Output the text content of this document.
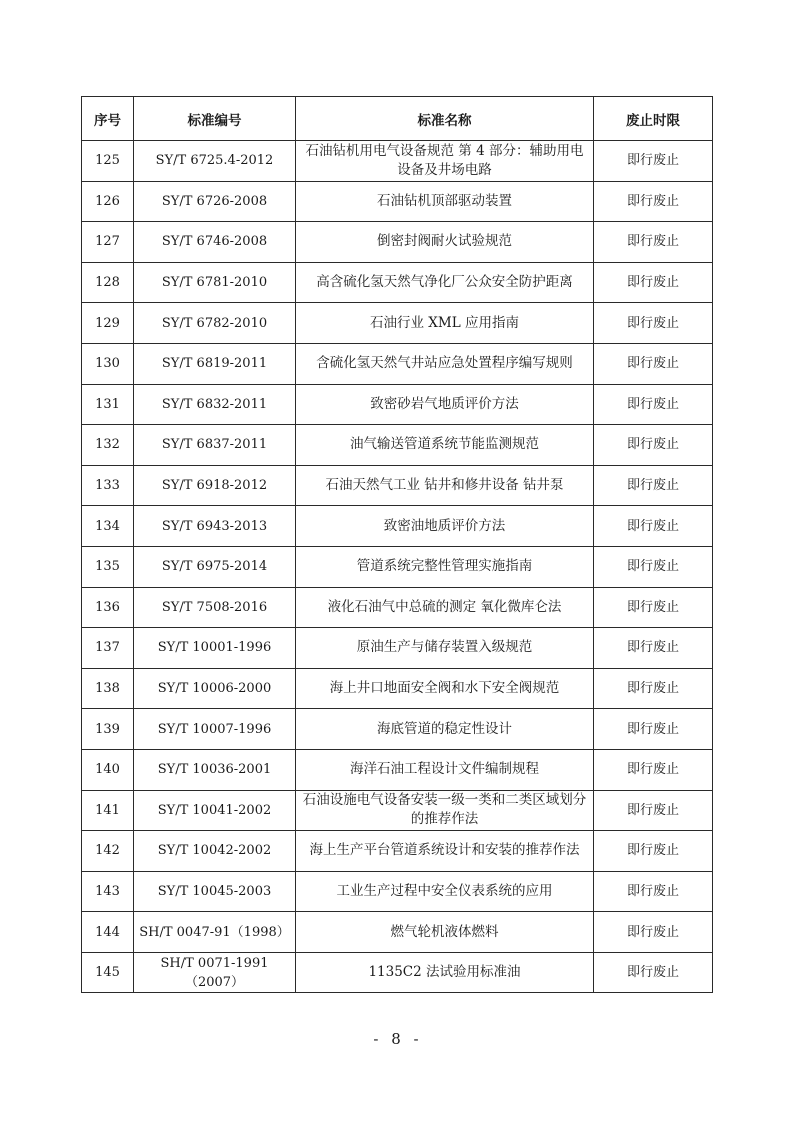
序号	标准编号	标准名称	废止时限
125	SY/T 6725.4-2012	石油钻机用电气设备规范 第 4 部分：辅助用电设备及井场电路	即行废止
126	SY/T 6726-2008	石油钻机顶部驱动装置	即行废止
127	SY/T 6746-2008	倒密封阀耐火试验规范	即行废止
128	SY/T 6781-2010	高含硫化氢天然气净化厂公众安全防护距离	即行废止
129	SY/T 6782-2010	石油行业 XML 应用指南	即行废止
130	SY/T 6819-2011	含硫化氢天然气井站应急处置程序编写规则	即行废止
131	SY/T 6832-2011	致密砂岩气地质评价方法	即行废止
132	SY/T 6837-2011	油气输送管道系统节能监测规范	即行废止
133	SY/T 6918-2012	石油天然气工业 钻井和修井设备 钻井泵	即行废止
134	SY/T 6943-2013	致密油地质评价方法	即行废止
135	SY/T 6975-2014	管道系统完整性管理实施指南	即行废止
136	SY/T 7508-2016	液化石油气中总硫的测定 氧化微库仑法	即行废止
137	SY/T 10001-1996	原油生产与储存装置入级规范	即行废止
138	SY/T 10006-2000	海上井口地面安全阀和水下安全阀规范	即行废止
139	SY/T 10007-1996	海底管道的稳定性设计	即行废止
140	SY/T 10036-2001	海洋石油工程设计文件编制规程	即行废止
141	SY/T 10041-2002	石油设施电气设备安装一级一类和二类区域划分的推荐作法	即行废止
142	SY/T 10042-2002	海上生产平台管道系统设计和安装的推荐作法	即行废止
143	SY/T 10045-2003	工业生产过程中安全仪表系统的应用	即行废止
144	SH/T 0047-91（1998）	燃气轮机液体燃料	即行废止
145	SH/T 0071-1991（2007）	1135C2 法试验用标准油	即行废止
- 8 -
